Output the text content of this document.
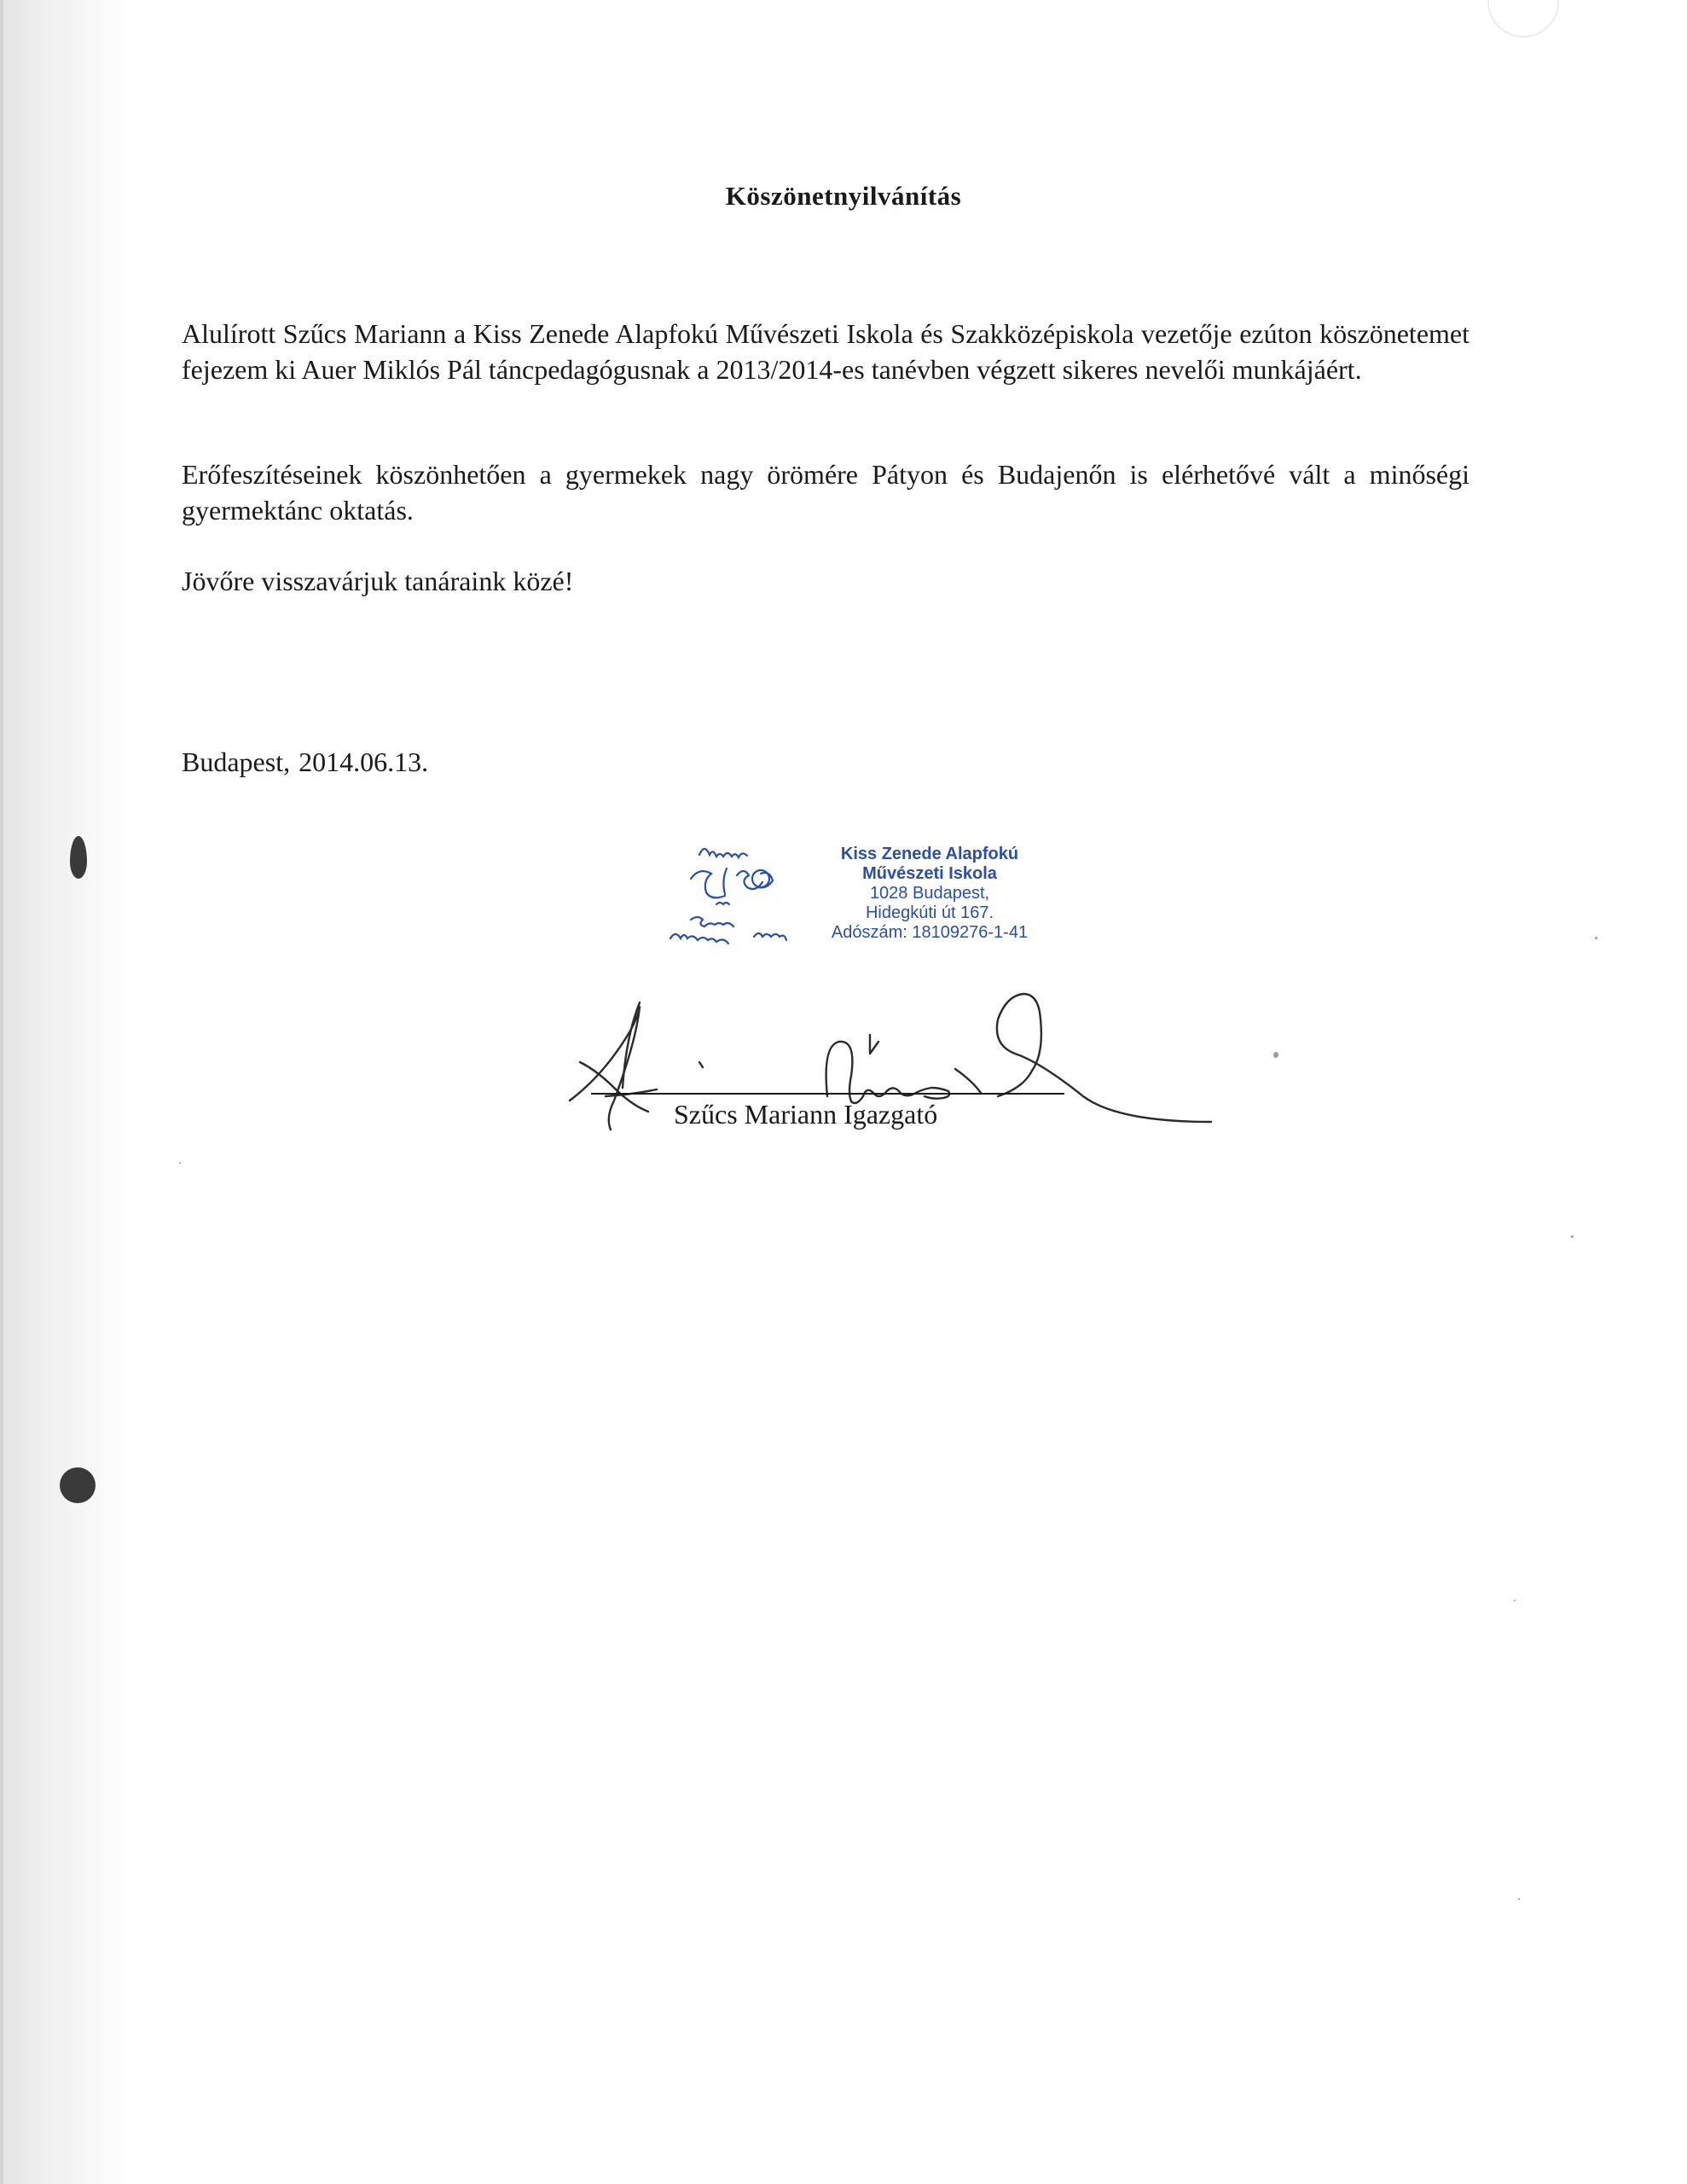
Köszönetnyilvánítás
Alulírott Szűcs Mariann a Kiss Zenede Alapfokú Művészeti Iskola és Szakközépiskola vezetője ezúton köszönetemet fejezem ki Auer Miklós Pál táncpedagógusnak a 2013/2014-es tanévben végzett sikeres nevelői munkájáért.
Erőfeszítéseinek köszönhetően a gyermekek nagy örömére Pátyon és Budajenőn is elérhetővé vált a minőségi gyermektánc oktatás.
Jövőre visszavárjuk tanáraink közé!
Budapest, 2014.06.13.
Kiss Zenede Alapfokú
Művészeti Iskola
1028 Budapest,
Hidegkúti út 167.
Adószám: 18109276-1-41
Szűcs Mariann Igazgató
